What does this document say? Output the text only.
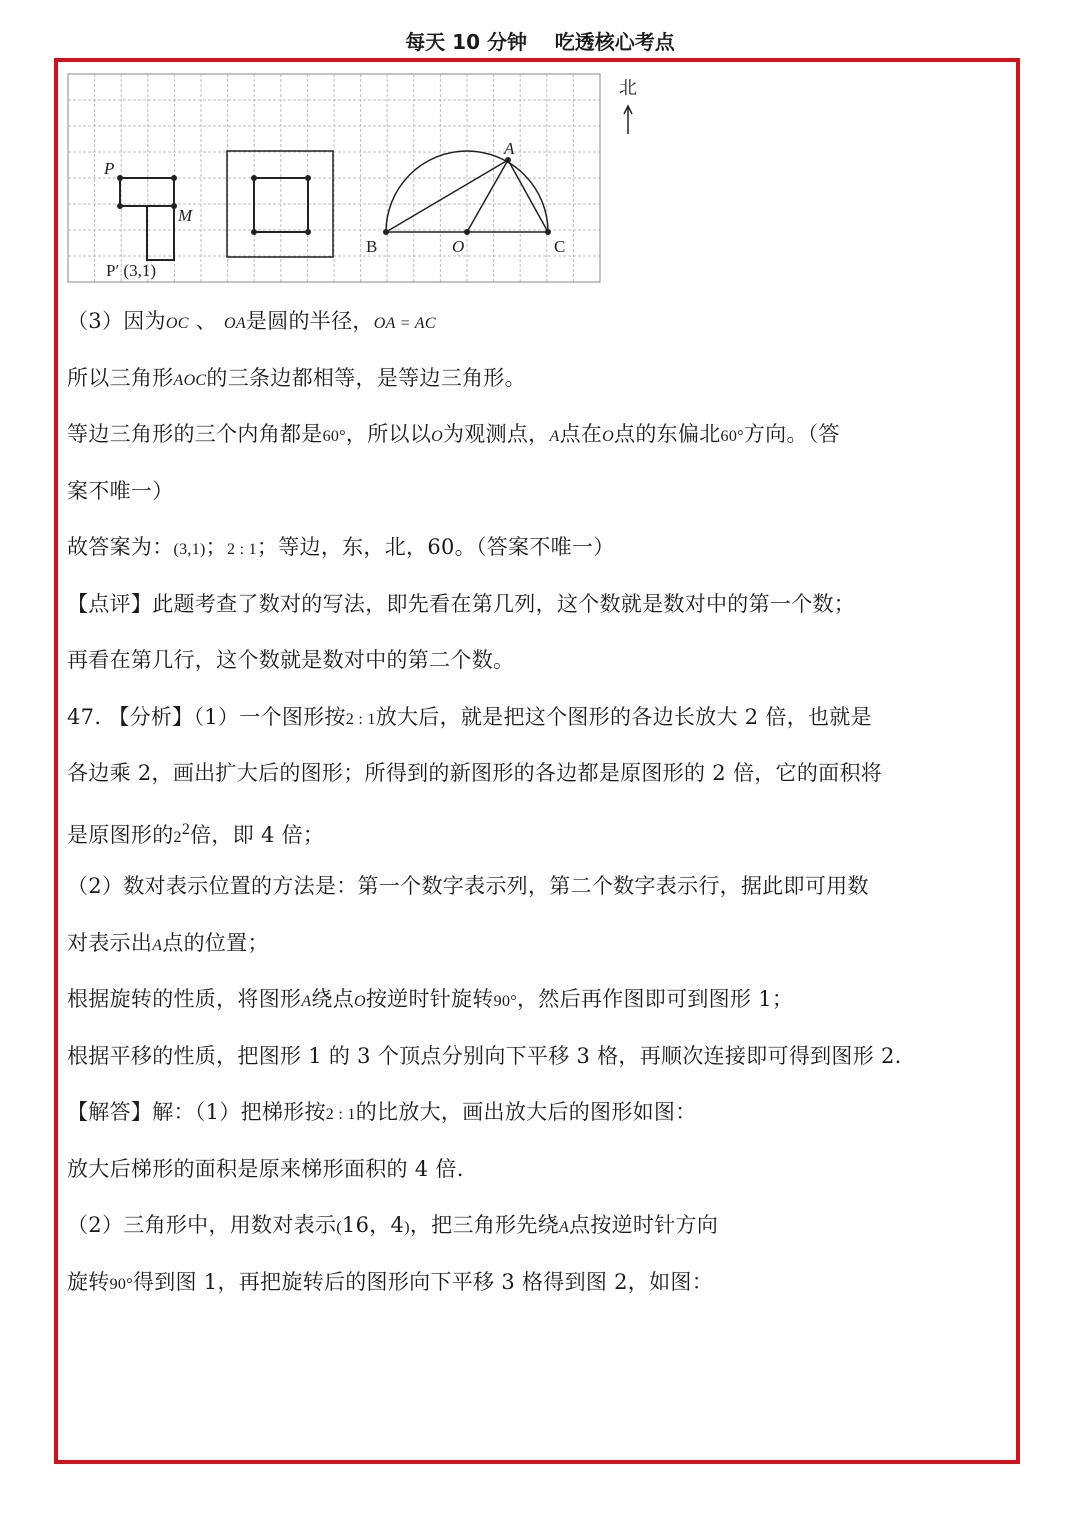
每天 10 分钟    吃透核心考点
P
M
P′ (3,1)
A
B	O	C
北
（3）因为OC 、 OA是圆的半径，OA = AC
所以三角形AOC的三条边都相等，是等边三角形。
等边三角形的三个内角都是60°，所以以O为观测点，A点在O点的东偏北60°方向。（答
案不唯一）
故答案为：(3,1)；2 : 1；等边，东，北，60。（答案不唯一）
【点评】此题考查了数对的写法，即先看在第几列，这个数就是数对中的第一个数；
再看在第几行，这个数就是数对中的第二个数。
47. 【分析】（1）一个图形按2 : 1放大后，就是把这个图形的各边长放大 2 倍，也就是
各边乘 2，画出扩大后的图形；所得到的新图形的各边都是原图形的 2 倍，它的面积将
是原图形的$2^2$倍，即 4 倍；
（2）数对表示位置的方法是：第一个数字表示列，第二个数字表示行，据此即可用数
对表示出A点的位置；
根据旋转的性质，将图形A绕点O按逆时针旋转90°，然后再作图即可到图形 1；
根据平移的性质，把图形 1 的 3 个顶点分别向下平移 3 格，再顺次连接即可得到图形 2.
【解答】解：（1）把梯形按2 : 1的比放大，画出放大后的图形如图：
放大后梯形的面积是原来梯形面积的 4 倍.
（2）三角形中，用数对表示(16，4)，把三角形先绕A点按逆时针方向
旋转90°得到图 1，再把旋转后的图形向下平移 3 格得到图 2，如图：
